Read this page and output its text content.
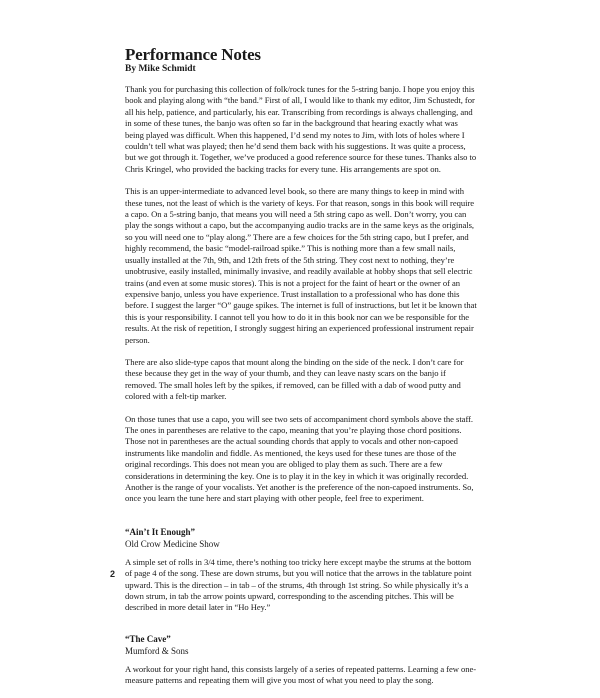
Performance Notes
By Mike Schmidt

Thank you for purchasing this collection of folk/rock tunes for the 5-string banjo. I hope you enjoy this book and playing along with “the band.” First of all, I would like to thank my editor, Jim Schustedt, for all his help, patience, and particularly, his ear. Transcribing from recordings is always challenging, and in some of these tunes, the banjo was often so far in the background that hearing exactly what was being played was difficult. When this happened, I’d send my notes to Jim, with lots of holes where I couldn’t tell what was played; then he’d send them back with his suggestions. It was quite a process, but we got through it. Together, we’ve produced a good reference source for these tunes. Thanks also to Chris Kringel, who provided the backing tracks for every tune. His arrangements are spot on.

This is an upper-intermediate to advanced level book, so there are many things to keep in mind with these tunes, not the least of which is the variety of keys. For that reason, songs in this book will require a capo. On a 5-string banjo, that means you will need a 5th string capo as well. Don’t worry, you can play the songs without a capo, but the accompanying audio tracks are in the same keys as the originals, so you will need one to “play along.” There are a few choices for the 5th string capo, but I prefer, and highly recommend, the basic “model-railroad spike.” This is nothing more than a few small nails, usually installed at the 7th, 9th, and 12th frets of the 5th string. They cost next to nothing, they’re unobtrusive, easily installed, minimally invasive, and readily available at hobby shops that sell electric trains (and even at some music stores). This is not a project for the faint of heart or the owner of an expensive banjo, unless you have experience. Trust installation to a professional who has done this before. I suggest the larger “O” gauge spikes. The internet is full of instructions, but let it be known that this is your responsibility. I cannot tell you how to do it in this book nor can we be responsible for the results. At the risk of repetition, I strongly suggest hiring an experienced professional instrument repair person.

There are also slide-type capos that mount along the binding on the side of the neck. I don’t care for these because they get in the way of your thumb, and they can leave nasty scars on the banjo if removed. The small holes left by the spikes, if removed, can be filled with a dab of wood putty and colored with a felt-tip marker.

On those tunes that use a capo, you will see two sets of accompaniment chord symbols above the staff. The ones in parentheses are relative to the capo, meaning that you’re playing those chord positions. Those not in parentheses are the actual sounding chords that apply to vocals and other non-capoed instruments like mandolin and fiddle. As mentioned, the keys used for these tunes are those of the original recordings. This does not mean you are obliged to play them as such. There are a few considerations in determining the key. One is to play it in the key in which it was originally recorded. Another is the range of your vocalists. Yet another is the preference of the non-capoed instruments. So, once you learn the tune here and start playing with other people, feel free to experiment.

“Ain’t It Enough”
Old Crow Medicine Show

A simple set of rolls in 3/4 time, there’s nothing too tricky here except maybe the strums at the bottom of page 4 of the song. These are down strums, but you will notice that the arrows in the tablature point upward. This is the direction – in tab – of the strums, 4th through 1st string. So while physically it’s a down strum, in tab the arrow points upward, corresponding to the ascending pitches. This will be described in more detail later in “Ho Hey.”

“The Cave”
Mumford & Sons

A workout for your right hand, this consists largely of a series of repeated patterns. Learning a few one-measure patterns and repeating them will give you most of what you need to play the song.

2
